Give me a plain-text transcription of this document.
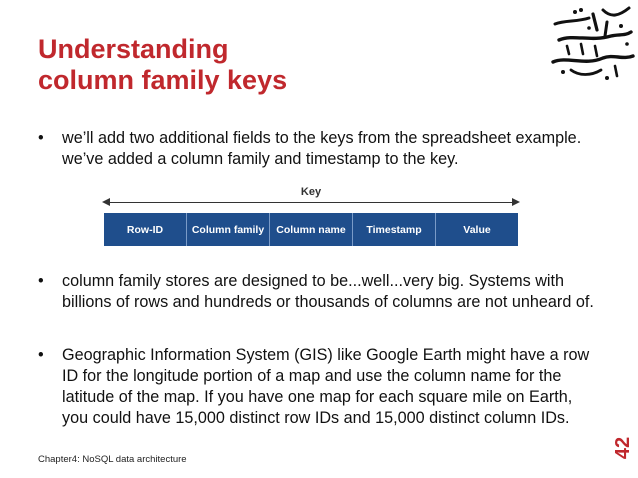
Understanding
column family keys
•	we’ll add two additional fields to the keys from the spreadsheet example. we’ve added a column family and timestamp to the key.
Key
Row-ID	Column family	Column name	Timestamp	Value
•	column family stores are designed to be...well...very big. Systems with billions of rows and hundreds or thousands of columns are not unheard of.
•	Geographic Information System (GIS) like Google Earth might have a row ID for the longitude portion of a map and use the column name for the latitude of the map. If you have one map for each square mile on Earth, you could have 15,000 distinct row IDs and 15,000 distinct column IDs.
Chapter4: NoSQL data architecture
42
